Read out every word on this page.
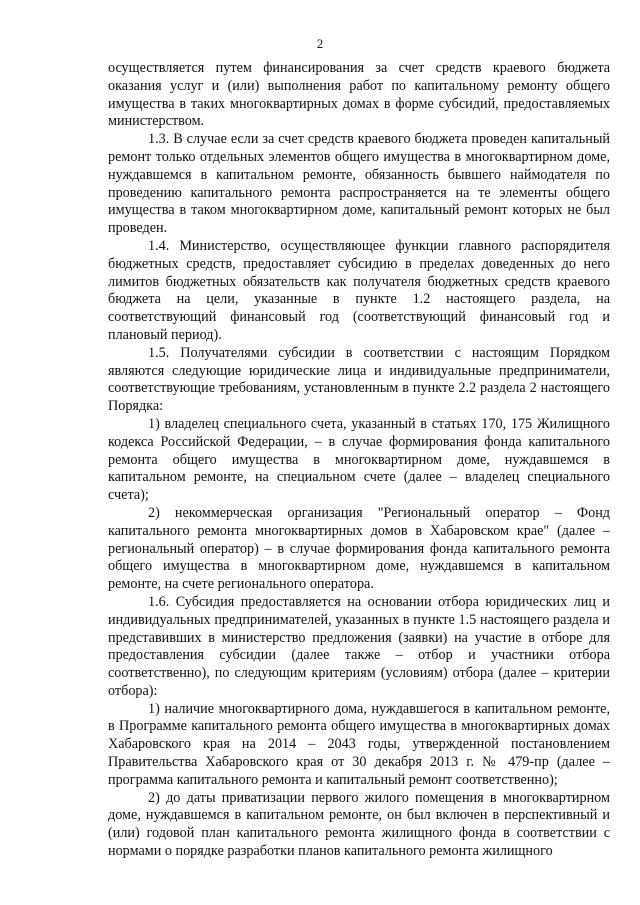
2

осуществляется путем финансирования за счет средств краевого бюджета оказания услуг и (или) выполнения работ по капитальному ремонту общего имущества в таких многоквартирных домах в форме субсидий, предоставляемых министерством.

1.3. В случае если за счет средств краевого бюджета проведен капитальный ремонт только отдельных элементов общего имущества в многоквартирном доме, нуждавшемся в капитальном ремонте, обязанность бывшего наймодателя по проведению капитального ремонта распространяется на те элементы общего имущества в таком многоквартирном доме, капитальный ремонт которых не был проведен.

1.4. Министерство, осуществляющее функции главного распорядителя бюджетных средств, предоставляет субсидию в пределах доведенных до него лимитов бюджетных обязательств как получателя бюджетных средств краевого бюджета на цели, указанные в пункте 1.2 настоящего раздела, на соответствующий финансовый год (соответствующий финансовый год и плановый период).

1.5. Получателями субсидии в соответствии с настоящим Порядком являются следующие юридические лица и индивидуальные предприниматели, соответствующие требованиям, установленным в пункте 2.2 раздела 2 настоящего Порядка:

1) владелец специального счета, указанный в статьях 170, 175 Жилищного кодекса Российской Федерации, – в случае формирования фонда капитального ремонта общего имущества в многоквартирном доме, нуждавшемся в капитальном ремонте, на специальном счете (далее – владелец специального счета);

2) некоммерческая организация "Региональный оператор – Фонд капитального ремонта многоквартирных домов в Хабаровском крае" (далее – региональный оператор) – в случае формирования фонда капитального ремонта общего имущества в многоквартирном доме, нуждавшемся в капитальном ремонте, на счете регионального оператора.

1.6. Субсидия предоставляется на основании отбора юридических лиц и индивидуальных предпринимателей, указанных в пункте 1.5 настоящего раздела и представивших в министерство предложения (заявки) на участие в отборе для предоставления субсидии (далее также – отбор и участники отбора соответственно), по следующим критериям (условиям) отбора (далее – критерии отбора):

1) наличие многоквартирного дома, нуждавшегося в капитальном ремонте, в Программе капитального ремонта общего имущества в многоквартирных домах Хабаровского края на 2014 – 2043 годы, утвержденной постановлением Правительства Хабаровского края от 30 декабря 2013 г. № 479-пр (далее – программа капитального ремонта и капитальный ремонт соответственно);

2) до даты приватизации первого жилого помещения в многоквартирном доме, нуждавшемся в капитальном ремонте, он был включен в перспективный и (или) годовой план капитального ремонта жилищного фонда в соответствии с нормами о порядке разработки планов капитального ремонта жилищного
